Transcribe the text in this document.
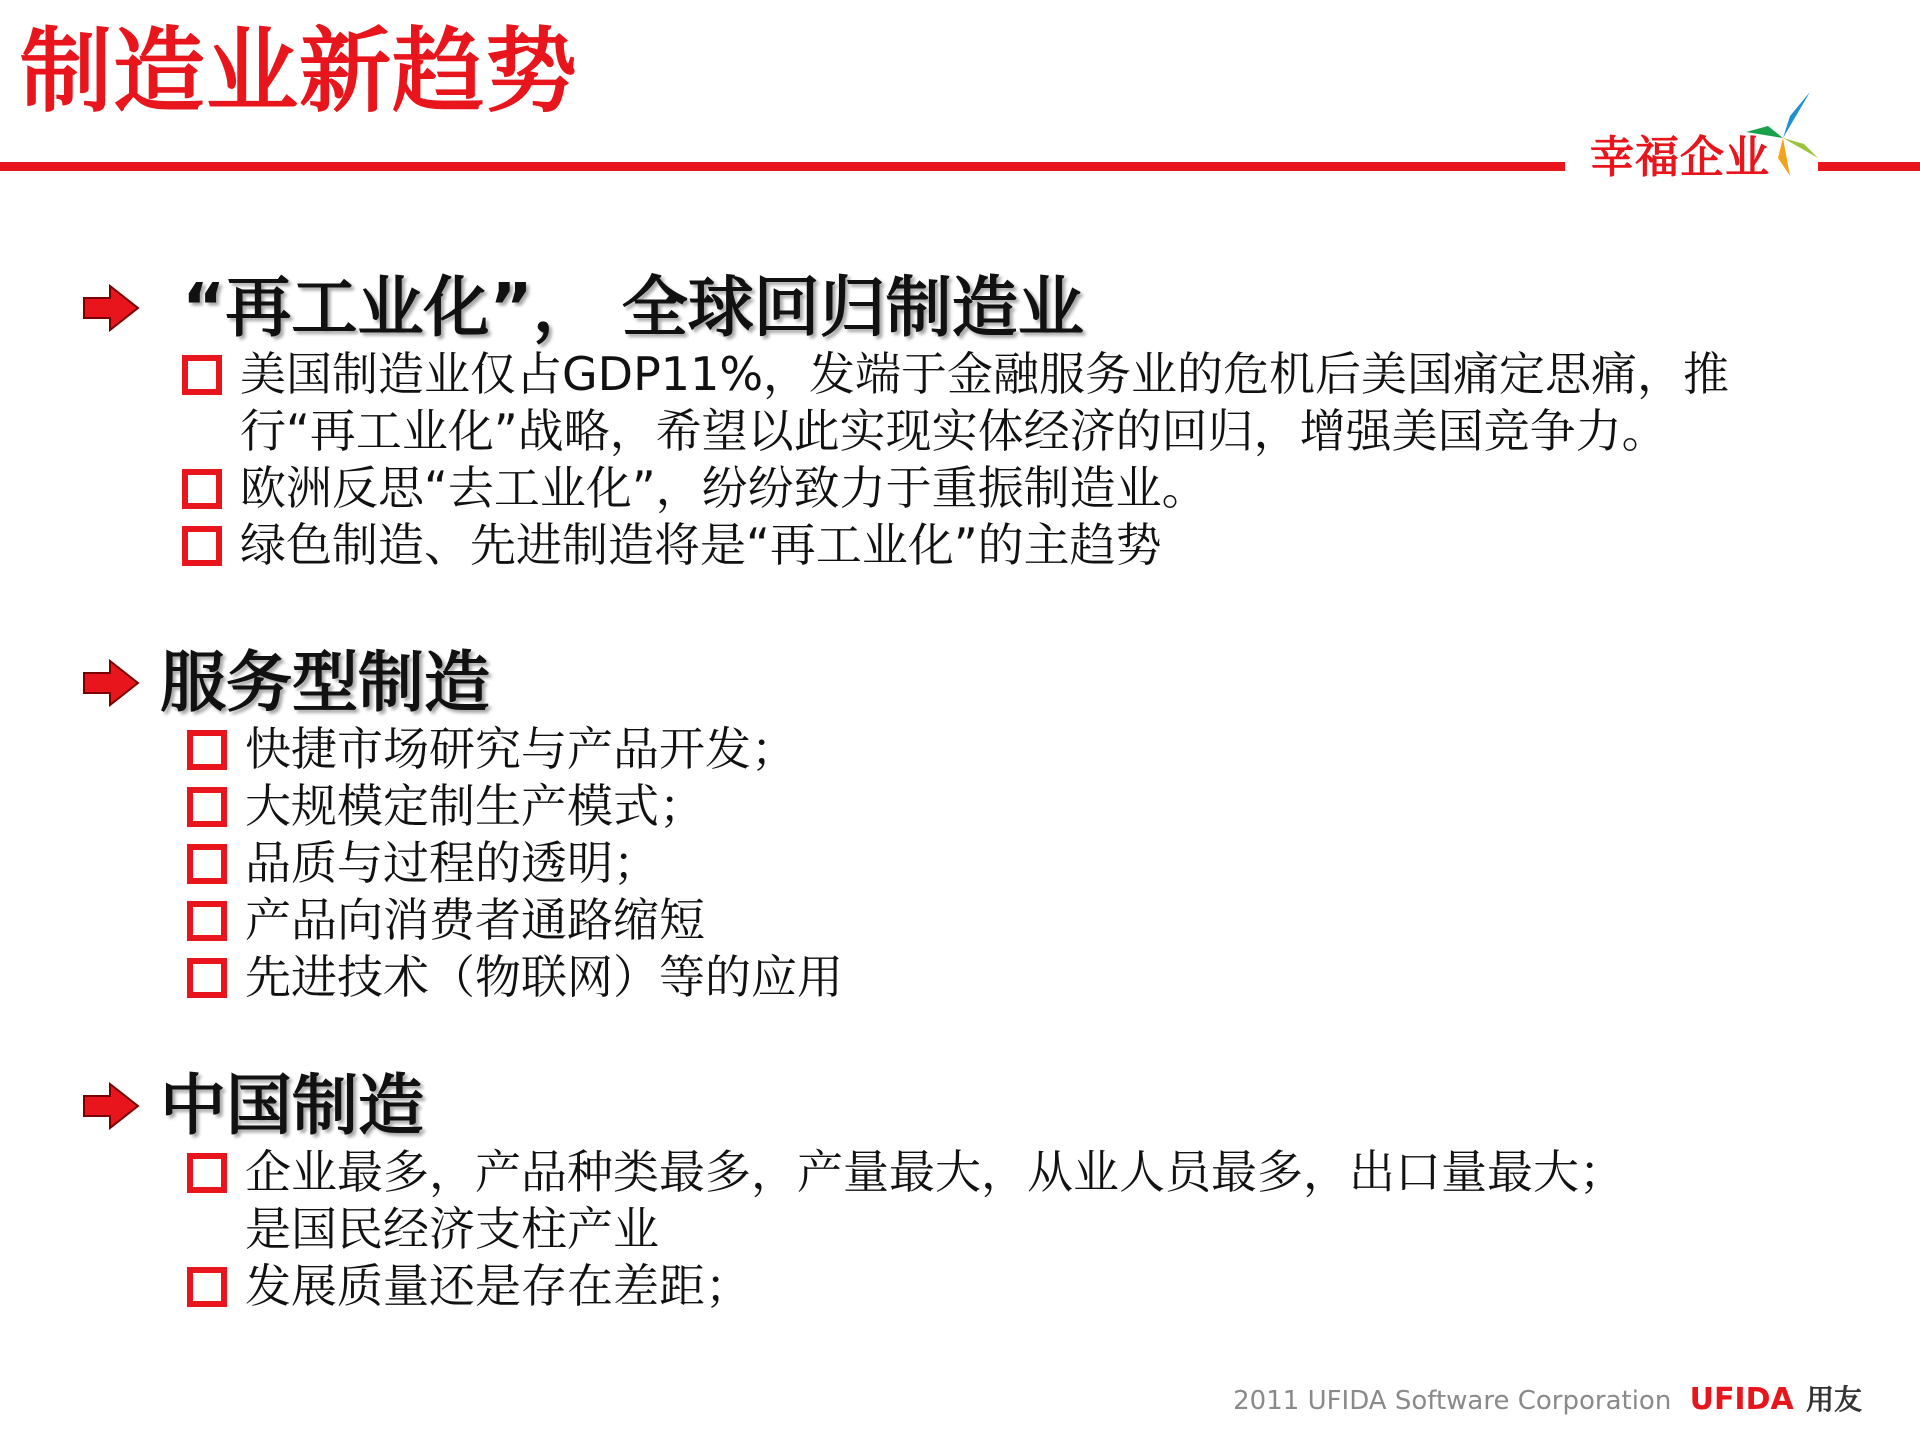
制造业新趋势
幸福企业
“再工业化”， 全球回归制造业
美国制造业仅占GDP11%，发端于金融服务业的危机后美国痛定思痛，推
行“再工业化”战略，希望以此实现实体经济的回归，增强美国竞争力。
欧洲反思“去工业化”，纷纷致力于重振制造业。
绿色制造、先进制造将是“再工业化”的主趋势
服务型制造
快捷市场研究与产品开发；
大规模定制生产模式；
品质与过程的透明；
产品向消费者通路缩短
先进技术（物联网）等的应用
中国制造
企业最多，产品种类最多，产量最大，从业人员最多，出口量最大；
是国民经济支柱产业
发展质量还是存在差距；
2011 UFIDA Software Corporation UFIDA 用友
